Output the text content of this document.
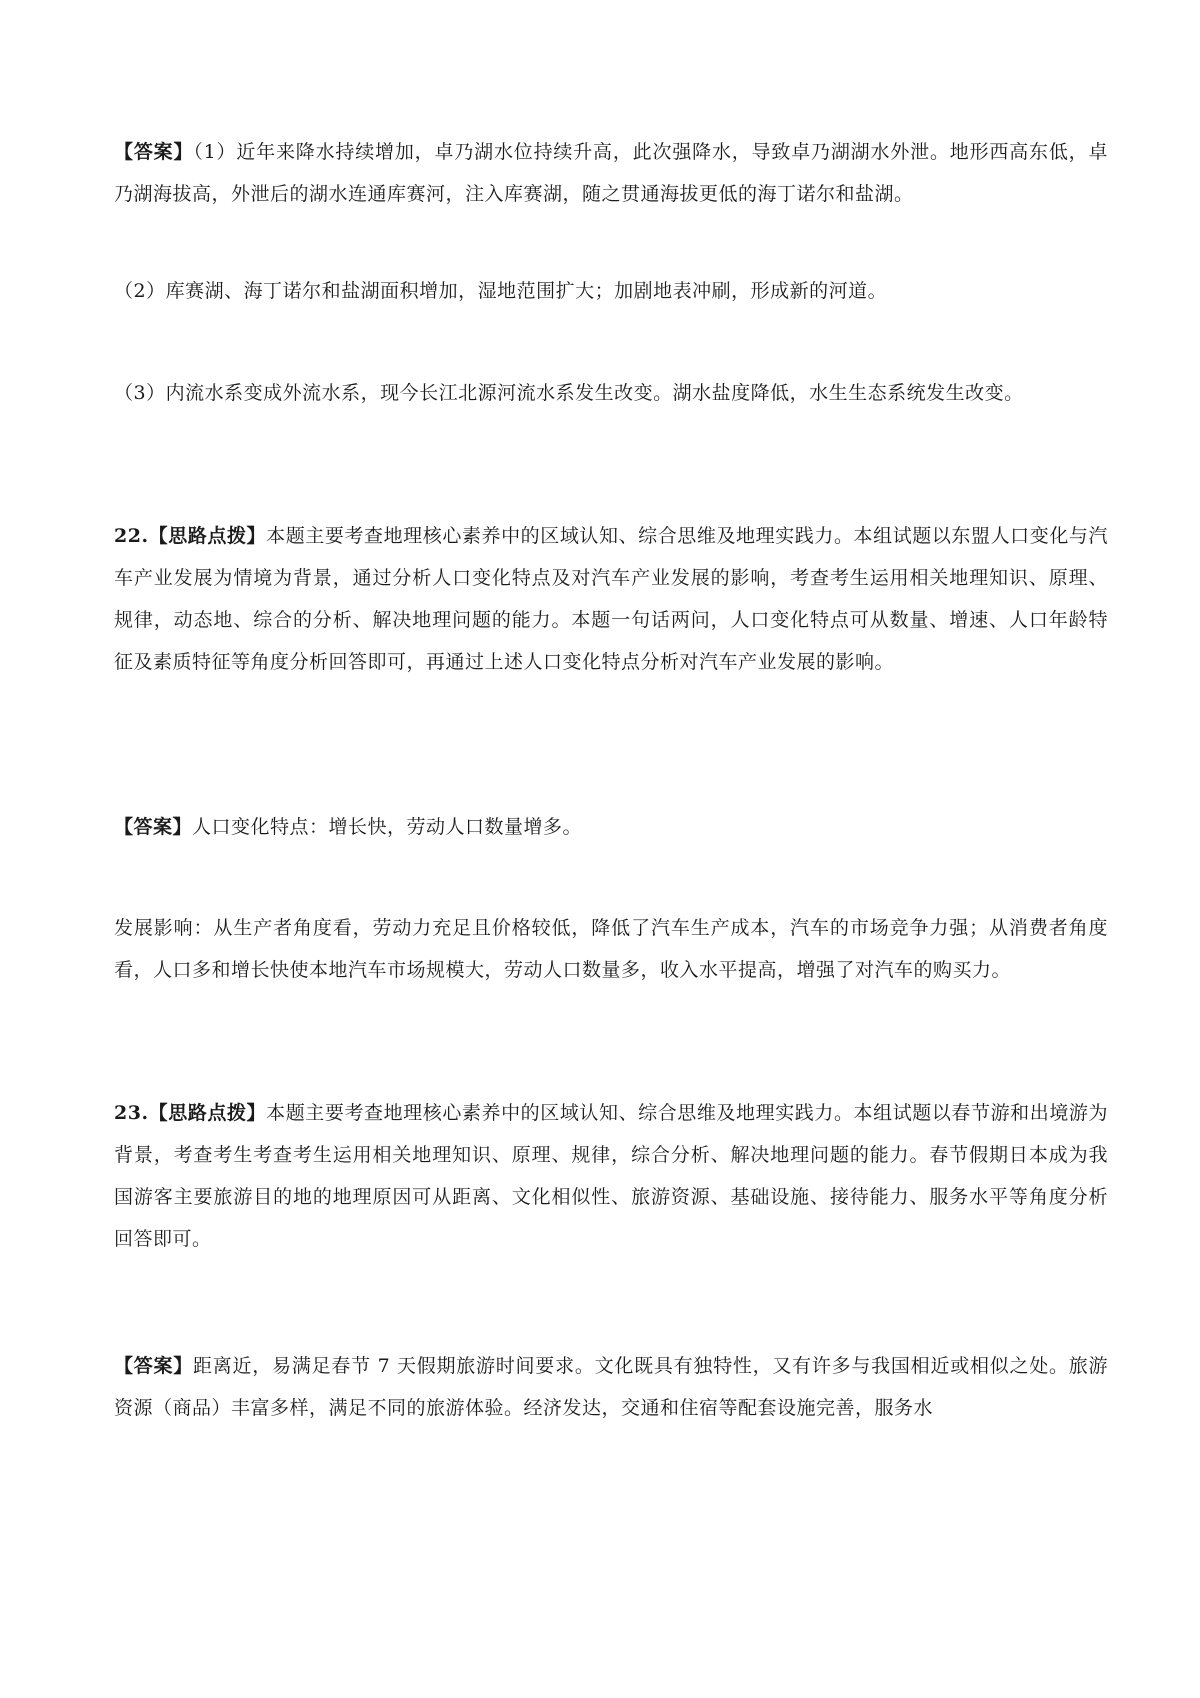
【答案】（1）近年来降水持续增加，卓乃湖水位持续升高，此次强降水，导致卓乃湖湖水外泄。地形西高东低，卓乃湖海拔高，外泄后的湖水连通库赛河，注入库赛湖，随之贯通海拔更低的海丁诺尔和盐湖。

（2）库赛湖、海丁诺尔和盐湖面积增加，湿地范围扩大；加剧地表冲刷，形成新的河道。

（3）内流水系变成外流水系，现今长江北源河流水系发生改变。湖水盐度降低，水生生态系统发生改变。

22.【思路点拨】本题主要考查地理核心素养中的区域认知、综合思维及地理实践力。本组试题以东盟人口变化与汽车产业发展为情境为背景，通过分析人口变化特点及对汽车产业发展的影响，考查考生运用相关地理知识、原理、规律，动态地、综合的分析、解决地理问题的能力。本题一句话两问，人口变化特点可从数量、增速、人口年龄特征及素质特征等角度分析回答即可，再通过上述人口变化特点分析对汽车产业发展的影响。

【答案】人口变化特点：增长快，劳动人口数量增多。

发展影响：从生产者角度看，劳动力充足且价格较低，降低了汽车生产成本，汽车的市场竞争力强；从消费者角度看，人口多和增长快使本地汽车市场规模大，劳动人口数量多，收入水平提高，增强了对汽车的购买力。

23.【思路点拨】本题主要考查地理核心素养中的区域认知、综合思维及地理实践力。本组试题以春节游和出境游为背景，考查考生考查考生运用相关地理知识、原理、规律，综合分析、解决地理问题的能力。春节假期日本成为我国游客主要旅游目的地的地理原因可从距离、文化相似性、旅游资源、基础设施、接待能力、服务水平等角度分析回答即可。

【答案】距离近，易满足春节 7 天假期旅游时间要求。文化既具有独特性，又有许多与我国相近或相似之处。旅游资源（商品）丰富多样，满足不同的旅游体验。经济发达，交通和住宿等配套设施完善，服务水
